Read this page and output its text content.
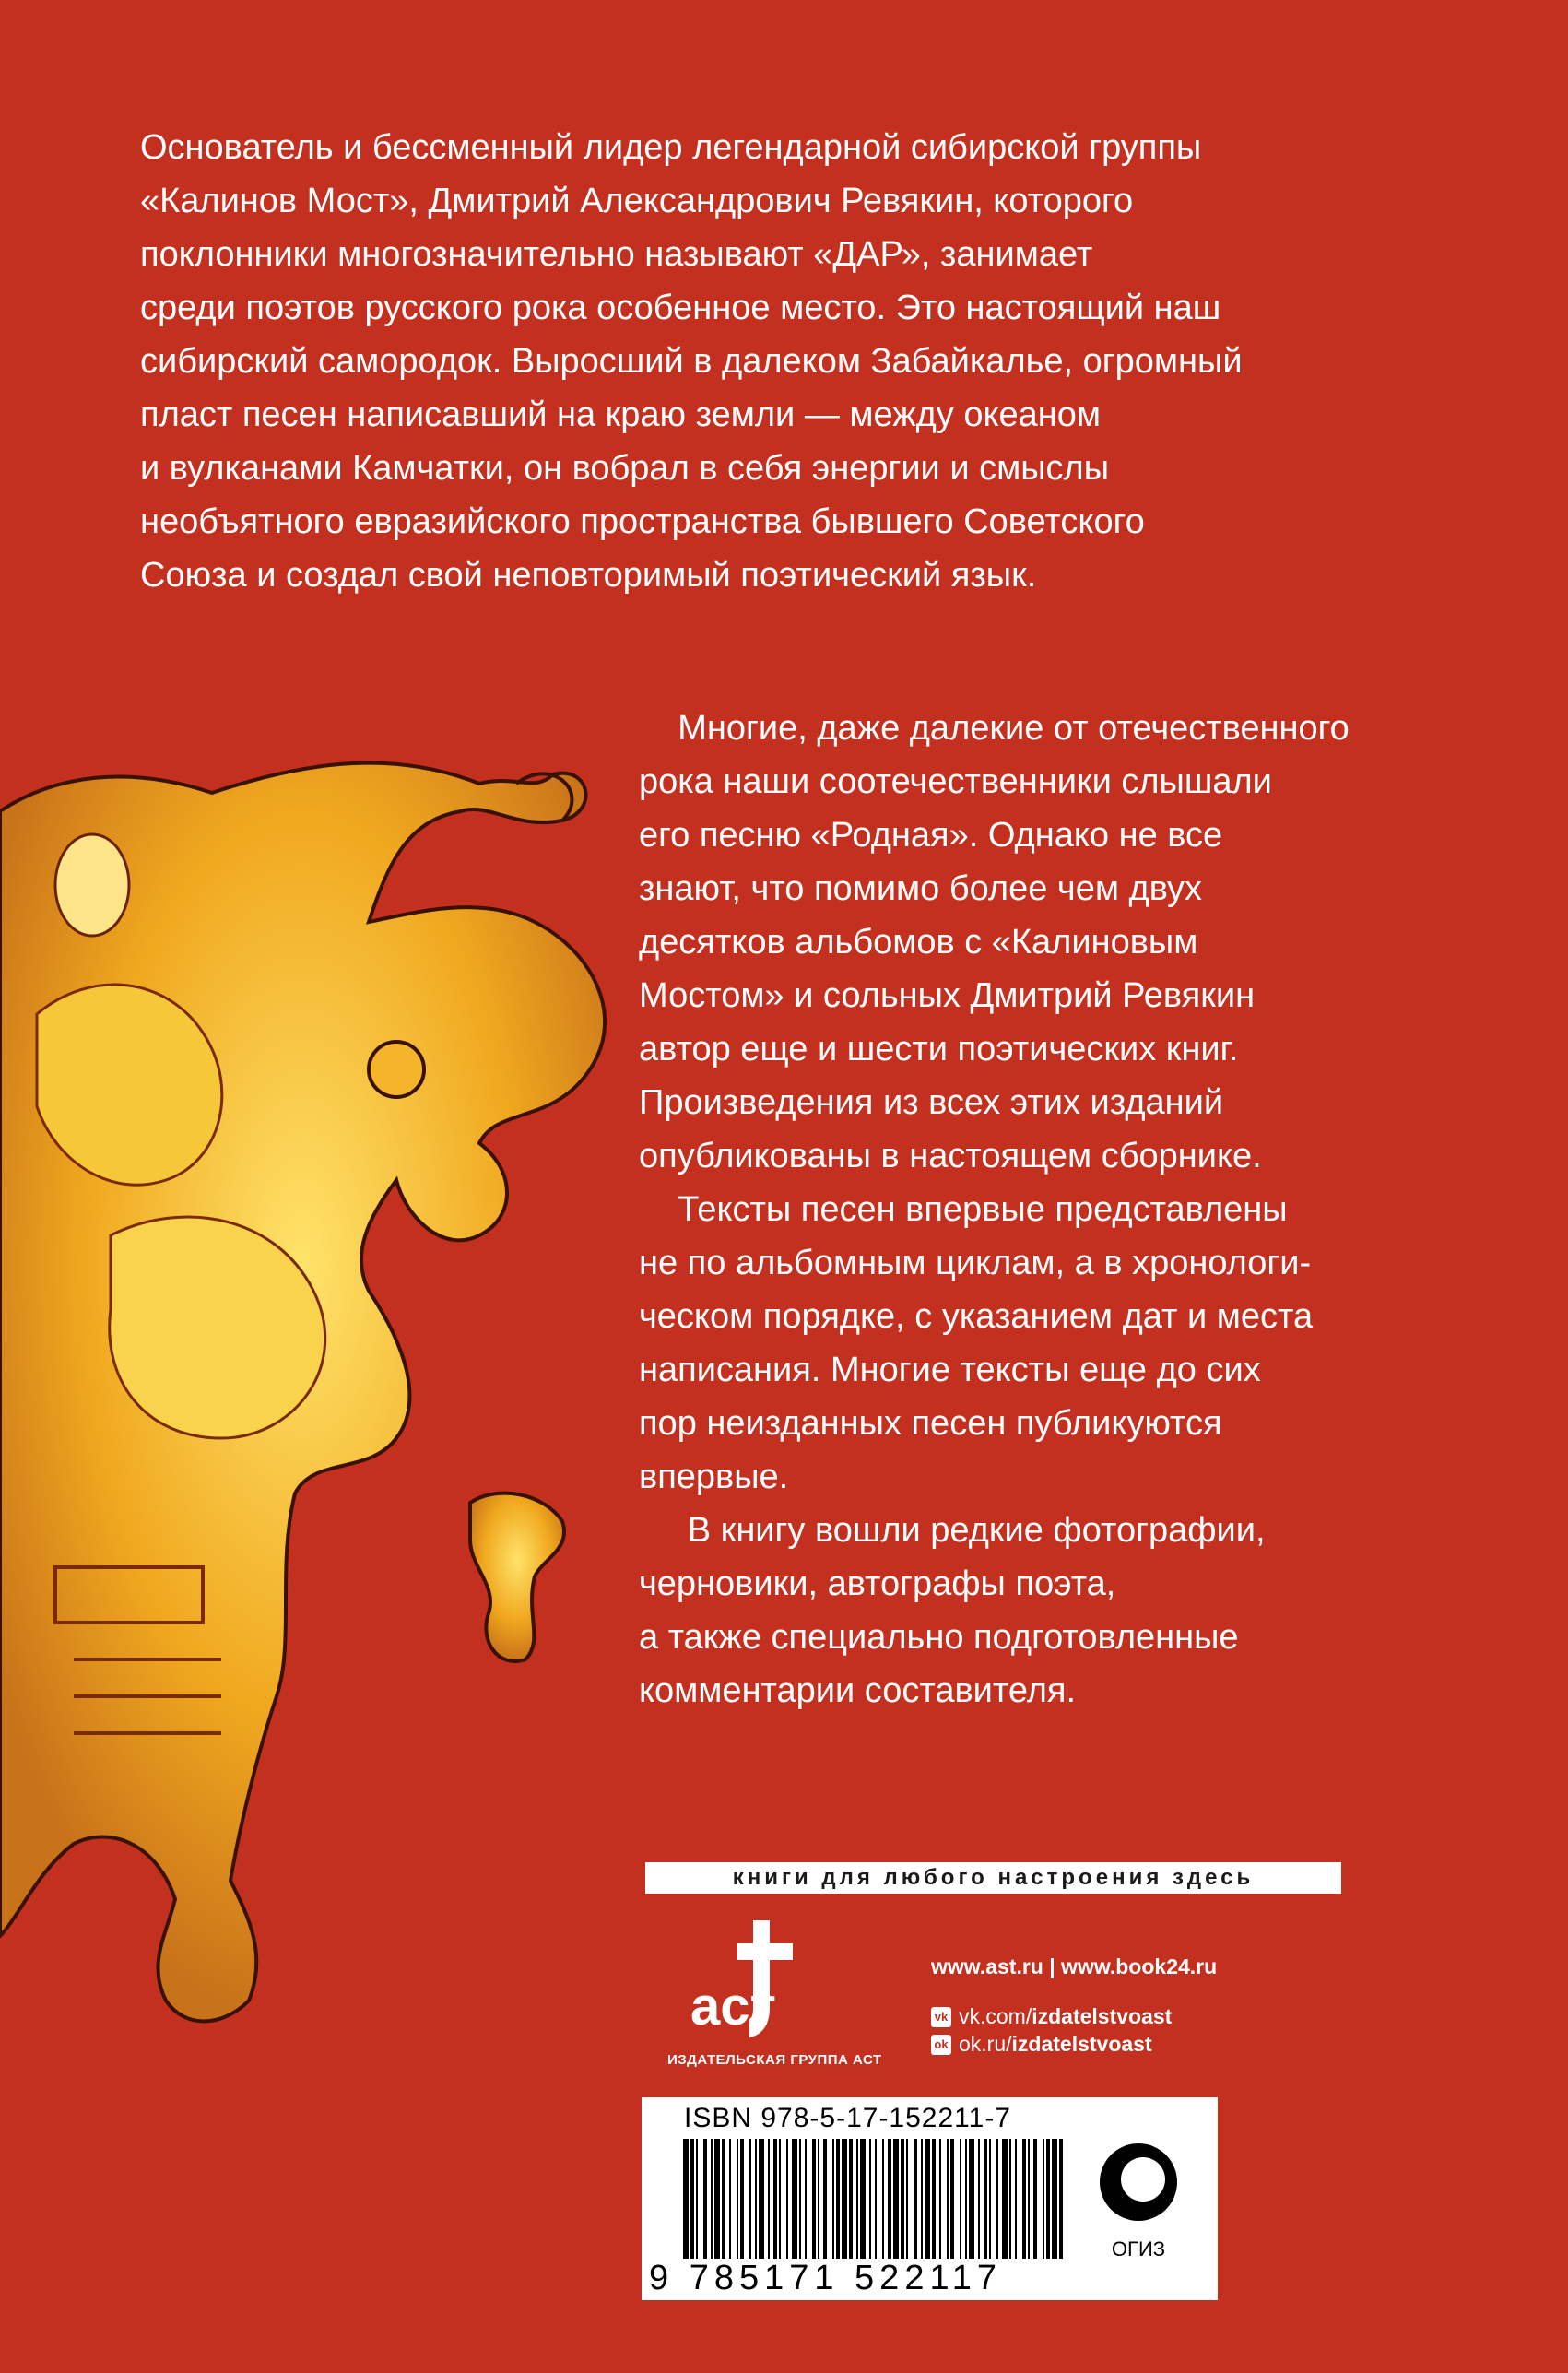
Основатель и бессменный лидер легендарной сибирской группы
«Калинов Мост», Дмитрий Александрович Ревякин, которого
поклонники многозначительно называют «ДАР», занимает
среди поэтов русского рока особенное место. Это настоящий наш
сибирский самородок. Выросший в далеком Забайкалье, огромный
пласт песен написавший на краю земли — между океаном
и вулканами Камчатки, он вобрал в себя энергии и смыслы
необъятного евразийского пространства бывшего Советского
Союза и создал свой неповторимый поэтический язык.
Многие, даже далекие от отечественного
рока наши соотечественники слышали
его песню «Родная». Однако не все
знают, что помимо более чем двух
десятков альбомов с «Калиновым
Мостом» и сольных Дмитрий Ревякин
автор еще и шести поэтических книг.
Произведения из всех этих изданий
опубликованы в настоящем сборнике.
Тексты песен впервые представлены
не по альбомным циклам, а в хронологи-
ческом порядке, с указанием дат и места
написания. Многие тексты еще до сих
пор неизданных песен публикуются
впервые.
В книгу вошли редкие фотографии,
черновики, автографы поэта,
а также специально подготовленные
комментарии составителя.
книги для любого настроения здесь
аст
ИЗДАТЕЛЬСКАЯ ГРУППА АСТ
www.ast.ru | www.book24.ru
vk vk.com/ izdatelstvoast
ok ok.ru/ izdatelstvoast
ISBN 978-5-17-152211-7
9 785171 522117
ОГИЗ
